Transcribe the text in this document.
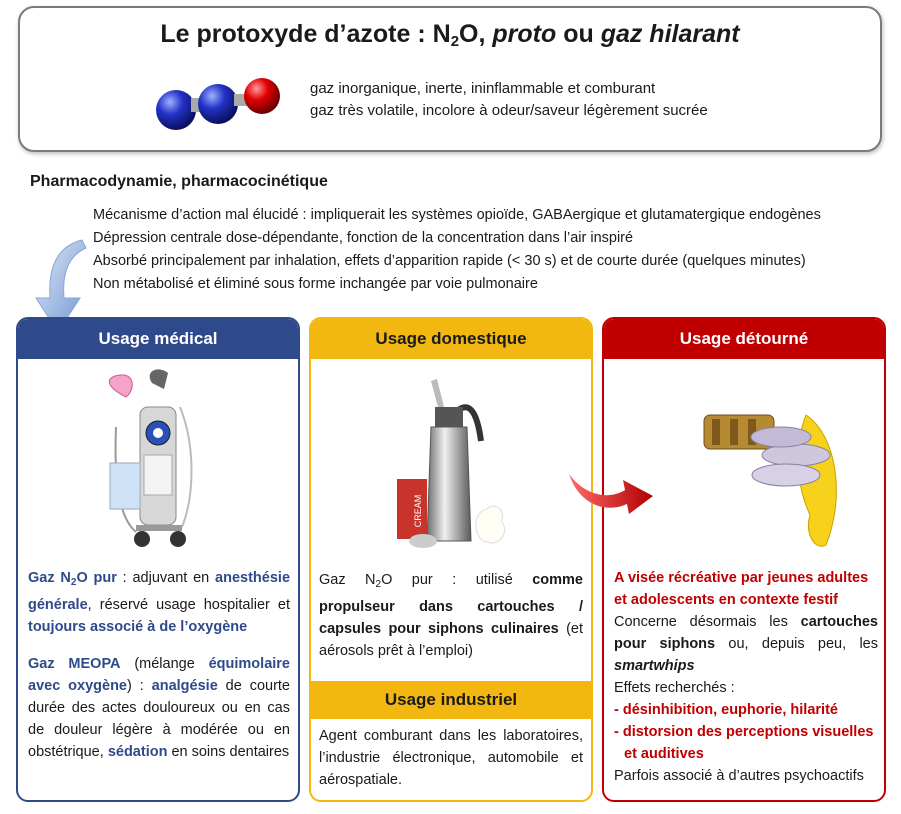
Le protoxyde d’azote : $N_2O$, proto ou gaz hilarant
gaz inorganique, inerte, ininflammable et comburant
gaz très volatile, incolore à odeur/saveur légèrement sucrée
Pharmacodynamie, pharmacocinétique
Mécanisme d’action mal élucidé : impliquerait les systèmes opioïde, GABAergique et glutamatergique endogènes
Dépression centrale dose-dépendante, fonction de la concentration dans l’air inspiré
Absorbé principalement par inhalation, effets d’apparition rapide (< 30 s) et de courte durée (quelques minutes)
Non métabolisé et éliminé sous forme inchangée par voie pulmonaire
Usage médical
Gaz $N_2O$ pur : adjuvant en anesthésie générale, réservé usage hospitalier et toujours associé à de l’oxygène
Gaz MEOPA (mélange équimolaire avec oxygène) : analgésie de courte durée des actes douloureux ou en cas de douleur légère à modérée ou en obstétrique, sédation en soins dentaires
Usage domestique
CREAM
Gaz $N_2O$ pur : utilisé comme propulseur dans cartouches / capsules pour siphons culinaires (et aérosols prêt à l’emploi)
Usage industriel
Agent comburant dans les laboratoires, l’industrie électronique, automobile et aérospatiale.
Usage détourné
A visée récréative par jeunes adultes et adolescents en contexte festif
Concerne désormais les cartouches pour siphons ou, depuis peu, les smartwhips
Effets recherchés :
- désinhibition, euphorie, hilarité
- distorsion des perceptions visuelles et auditives
Parfois associé à d’autres psychoactifs
